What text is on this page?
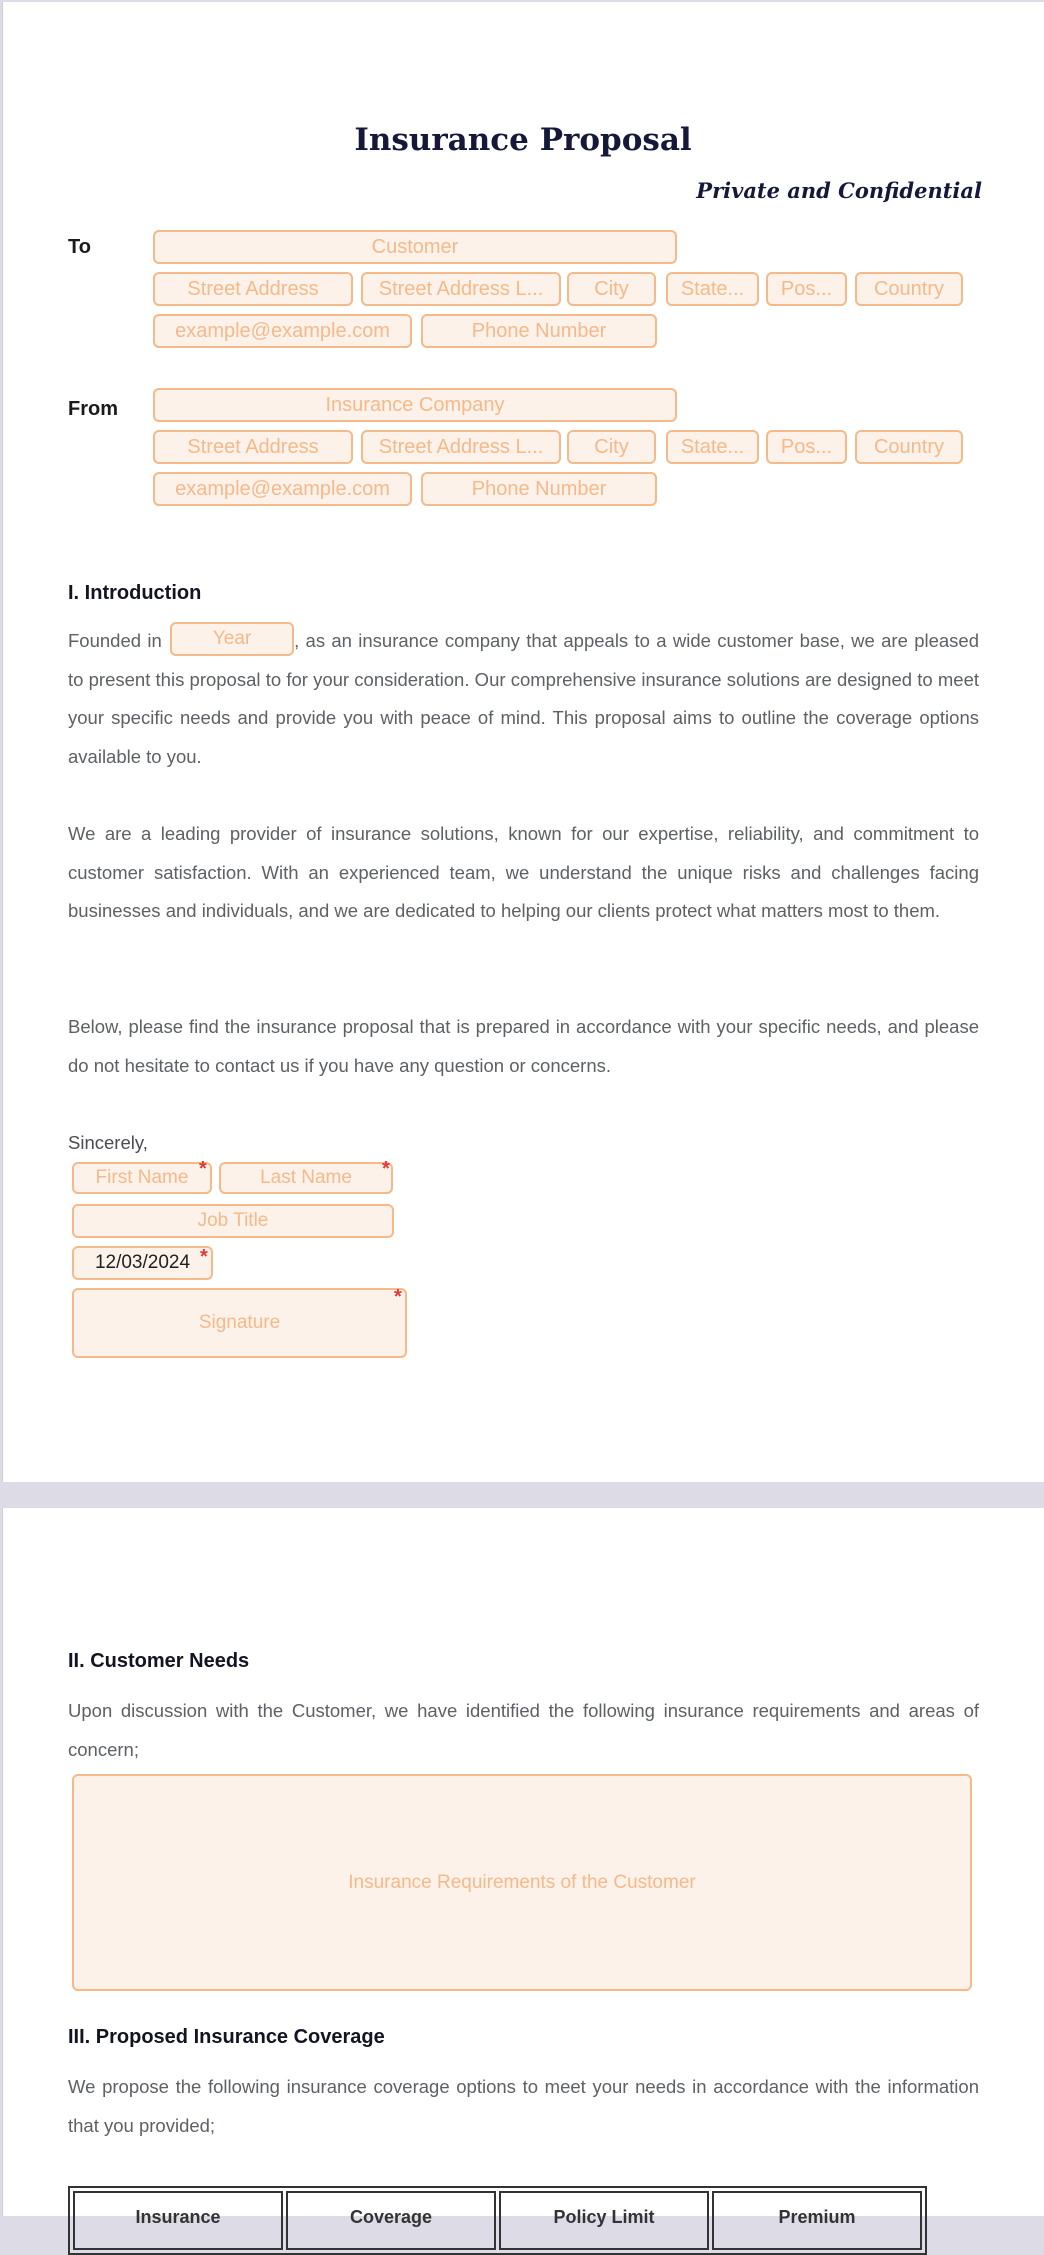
Insurance Proposal
Private and Confidential
To	Customer
Street Address	Street Address L...	City	State...	Pos...	Country
example@example.com	Phone Number
From	Insurance Company
Street Address	Street Address L...	City	State...	Pos...	Country
example@example.com	Phone Number
I. Introduction

Founded in	Year , as an insurance company that appeals to a wide customer base, we are pleased to present this proposal to for your consideration. Our comprehensive insurance solutions are designed to meet your specific needs and provide you with peace of mind. This proposal aims to outline the coverage options available to you.

We are a leading provider of insurance solutions, known for our expertise, reliability, and commitment to customer satisfaction. With an experienced team, we understand the unique risks and challenges facing businesses and individuals, and we are dedicated to helping our clients protect what matters most to them.

Below, please find the insurance proposal that is prepared in accordance with your specific needs, and please do not hesitate to contact us if you have any question or concerns.

Sincerely,
First Name *	Last Name	*
Job Title
12/03/2024 *
Signature
*
II. Customer Needs

Upon discussion with the Customer, we have identified the following insurance requirements and areas of concern;

Insurance Requirements of the Customer
III. Proposed Insurance Coverage

We propose the following insurance coverage options to meet your needs in accordance with the information that you provided;

Insurance	Coverage	Policy Limit	Premium
